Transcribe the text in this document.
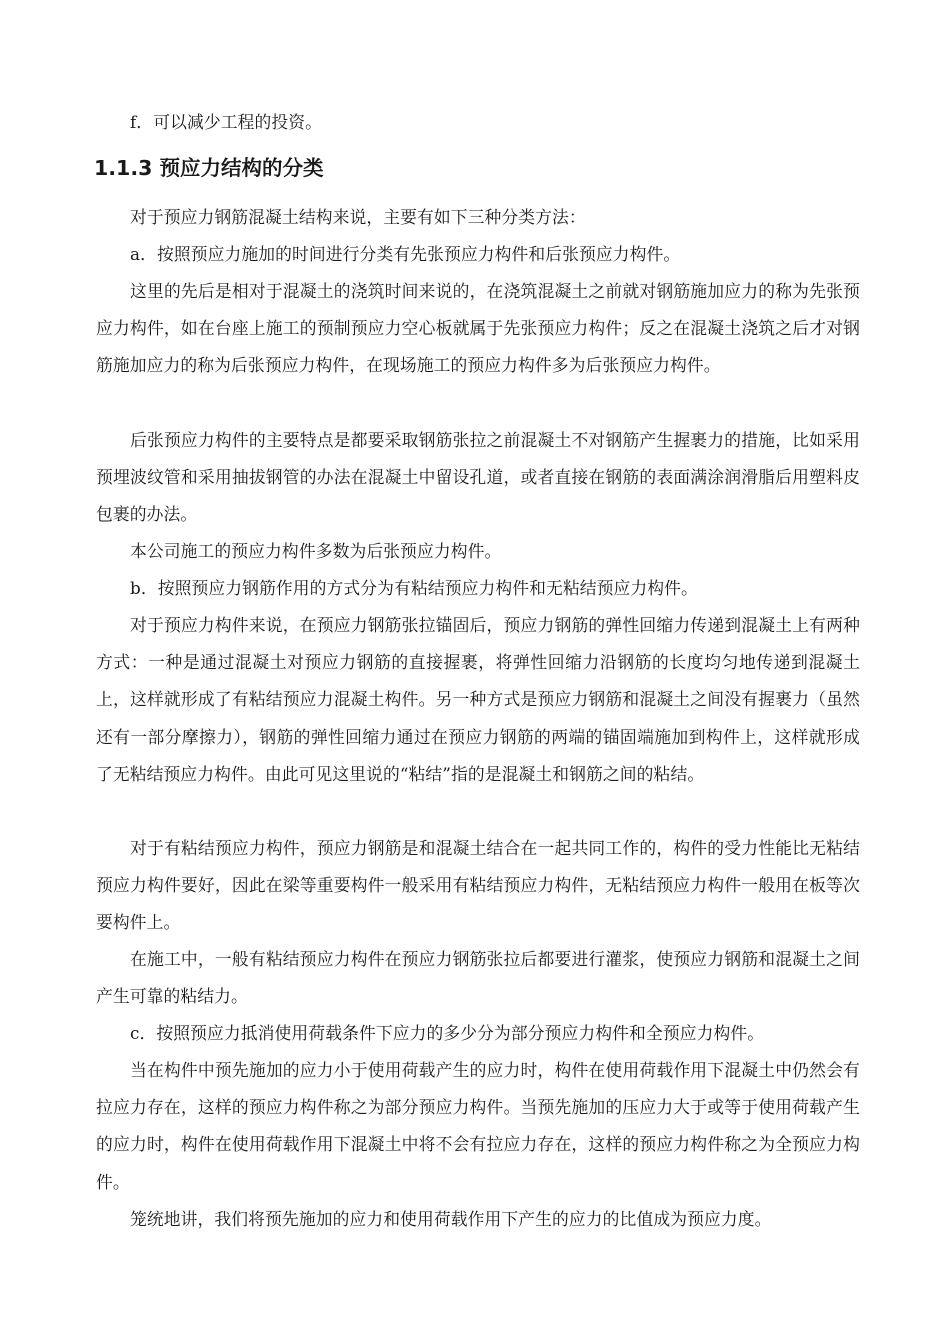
f．可以减少工程的投资。

1.1.3 预应力结构的分类

对于预应力钢筋混凝土结构来说，主要有如下三种分类方法：

a．按照预应力施加的时间进行分类有先张预应力构件和后张预应力构件。

这里的先后是相对于混凝土的浇筑时间来说的，在浇筑混凝土之前就对钢筋施加应力的称为先张预应力构件，如在台座上施工的预制预应力空心板就属于先张预应力构件；反之在混凝土浇筑之后才对钢筋施加应力的称为后张预应力构件，在现场施工的预应力构件多为后张预应力构件。

后张预应力构件的主要特点是都要采取钢筋张拉之前混凝土不对钢筋产生握裹力的措施，比如采用预埋波纹管和采用抽拔钢管的办法在混凝土中留设孔道，或者直接在钢筋的表面满涂润滑脂后用塑料皮包裹的办法。

本公司施工的预应力构件多数为后张预应力构件。

b．按照预应力钢筋作用的方式分为有粘结预应力构件和无粘结预应力构件。

对于预应力构件来说，在预应力钢筋张拉锚固后，预应力钢筋的弹性回缩力传递到混凝土上有两种方式：一种是通过混凝土对预应力钢筋的直接握裹，将弹性回缩力沿钢筋的长度均匀地传递到混凝土上，这样就形成了有粘结预应力混凝土构件。另一种方式是预应力钢筋和混凝土之间没有握裹力（虽然还有一部分摩擦力），钢筋的弹性回缩力通过在预应力钢筋的两端的锚固端施加到构件上，这样就形成了无粘结预应力构件。由此可见这里说的“粘结”指的是混凝土和钢筋之间的粘结。

对于有粘结预应力构件，预应力钢筋是和混凝土结合在一起共同工作的，构件的受力性能比无粘结预应力构件要好，因此在梁等重要构件一般采用有粘结预应力构件，无粘结预应力构件一般用在板等次要构件上。

在施工中，一般有粘结预应力构件在预应力钢筋张拉后都要进行灌浆，使预应力钢筋和混凝土之间产生可靠的粘结力。

c．按照预应力抵消使用荷载条件下应力的多少分为部分预应力构件和全预应力构件。

当在构件中预先施加的应力小于使用荷载产生的应力时，构件在使用荷载作用下混凝土中仍然会有拉应力存在，这样的预应力构件称之为部分预应力构件。当预先施加的压应力大于或等于使用荷载产生的应力时，构件在使用荷载作用下混凝土中将不会有拉应力存在，这样的预应力构件称之为全预应力构件。

笼统地讲，我们将预先施加的应力和使用荷载作用下产生的应力的比值成为预应力度。
